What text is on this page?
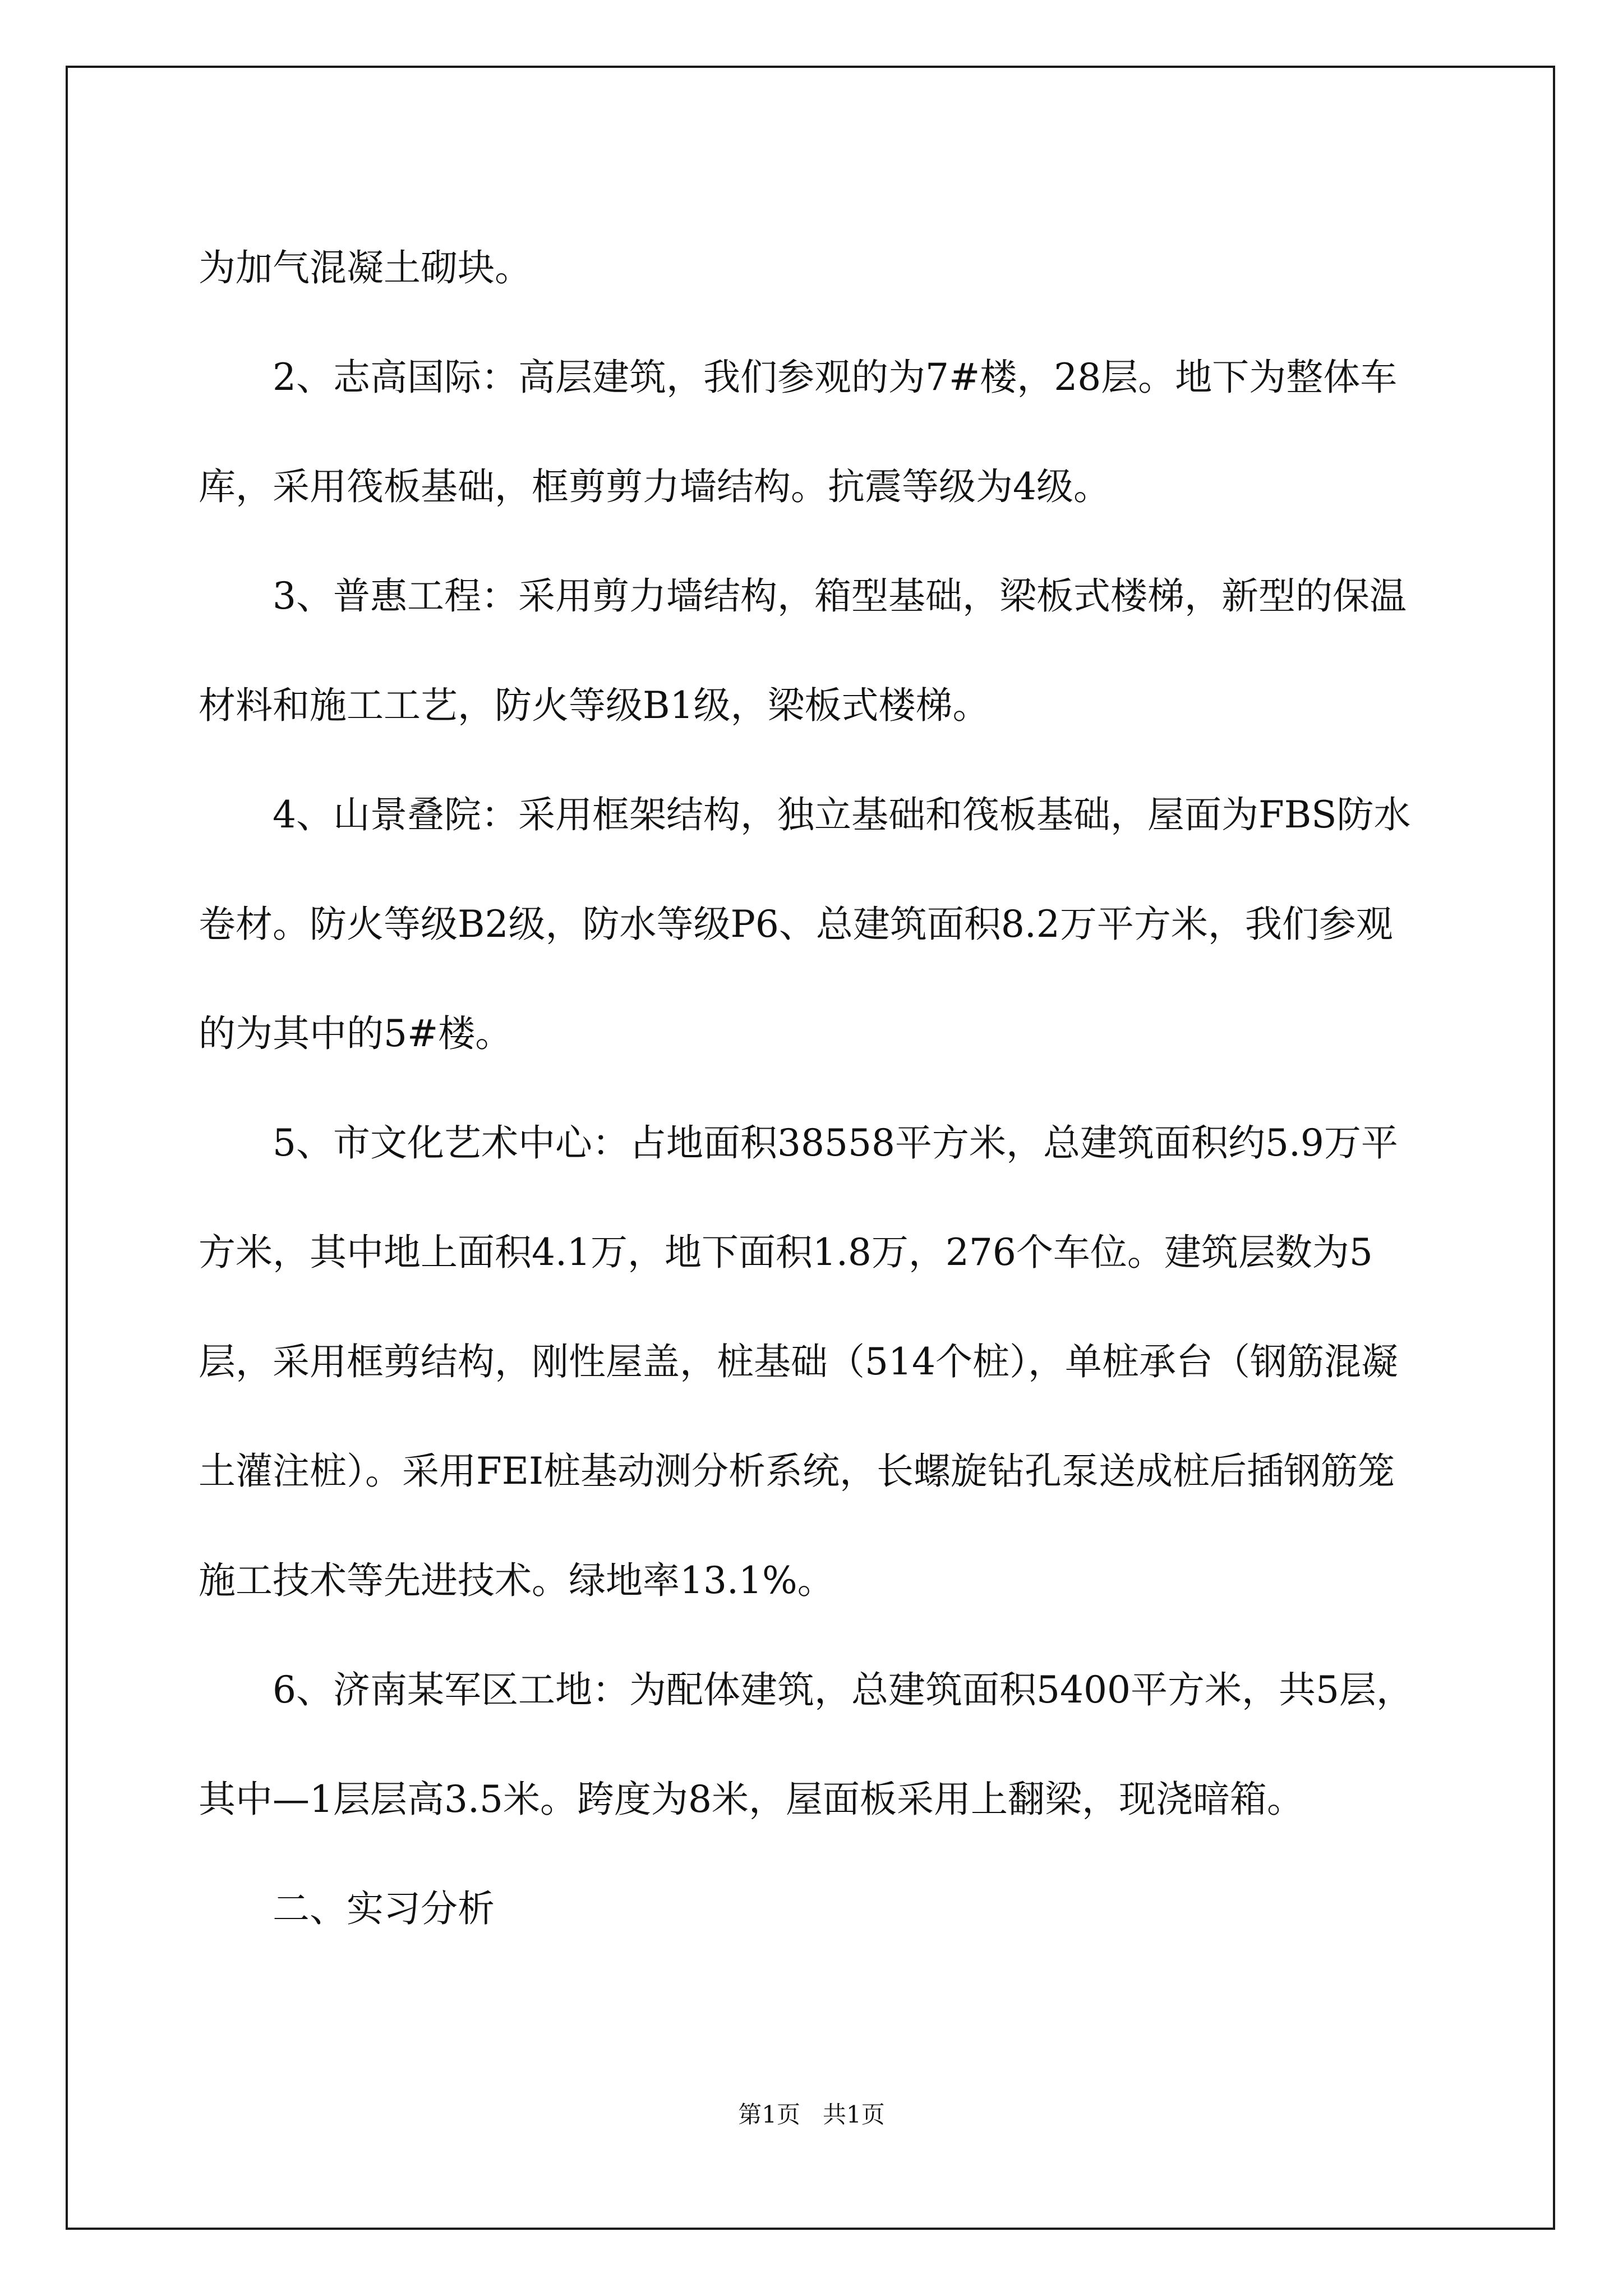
为加气混凝土砌块。

2、志高国际：高层建筑，我们参观的为7#楼，28层。地下为整体车库，采用筏板基础，框剪剪力墙结构。抗震等级为4级。

3、普惠工程：采用剪力墙结构，箱型基础，梁板式楼梯，新型的保温材料和施工工艺，防火等级B1级，梁板式楼梯。

4、山景叠院：采用框架结构，独立基础和筏板基础，屋面为FBS防水卷材。防火等级B2级，防水等级P6、总建筑面积8.2万平方米，我们参观的为其中的5#楼。

5、市文化艺术中心：占地面积38558平方米，总建筑面积约5.9万平方米，其中地上面积4.1万，地下面积1.8万，276个车位。建筑层数为5层，采用框剪结构，刚性屋盖，桩基础（514个桩），单桩承台（钢筋混凝土灌注桩）。采用FEI桩基动测分析系统，长螺旋钻孔泵送成桩后插钢筋笼施工技术等先进技术。绿地率13.1%。

6、济南某军区工地：为配体建筑，总建筑面积5400平方米，共5层，其中—1层层高3.5米。跨度为8米，屋面板采用上翻梁，现浇暗箱。

二、实习分析

第1页   共1页
